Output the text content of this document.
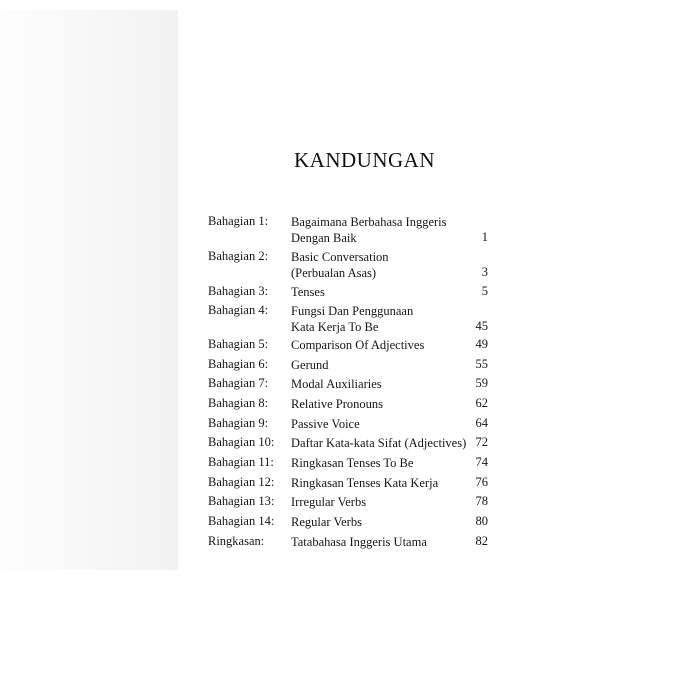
KANDUNGAN
Bahagian 1: Bagaimana Berbahasa Inggeris
Dengan Baik	1
Bahagian 2: Basic Conversation
(Perbualan Asas)	3
Bahagian 3: Tenses	5
Bahagian 4: Fungsi Dan Penggunaan
Kata Kerja To Be	45
Bahagian 5: Comparison Of Adjectives	49
Bahagian 6: Gerund	55
Bahagian 7: Modal Auxiliaries	59
Bahagian 8: Relative Pronouns	62
Bahagian 9: Passive Voice	64
Bahagian 10: Daftar Kata-kata Sifat (Adjectives) 72
Bahagian 11: Ringkasan Tenses To Be	74
Bahagian 12: Ringkasan Tenses Kata Kerja	76
Bahagian 13: Irregular Verbs	78
Bahagian 14: Regular Verbs	80
Ringkasan: Tatabahasa Inggeris Utama	82
